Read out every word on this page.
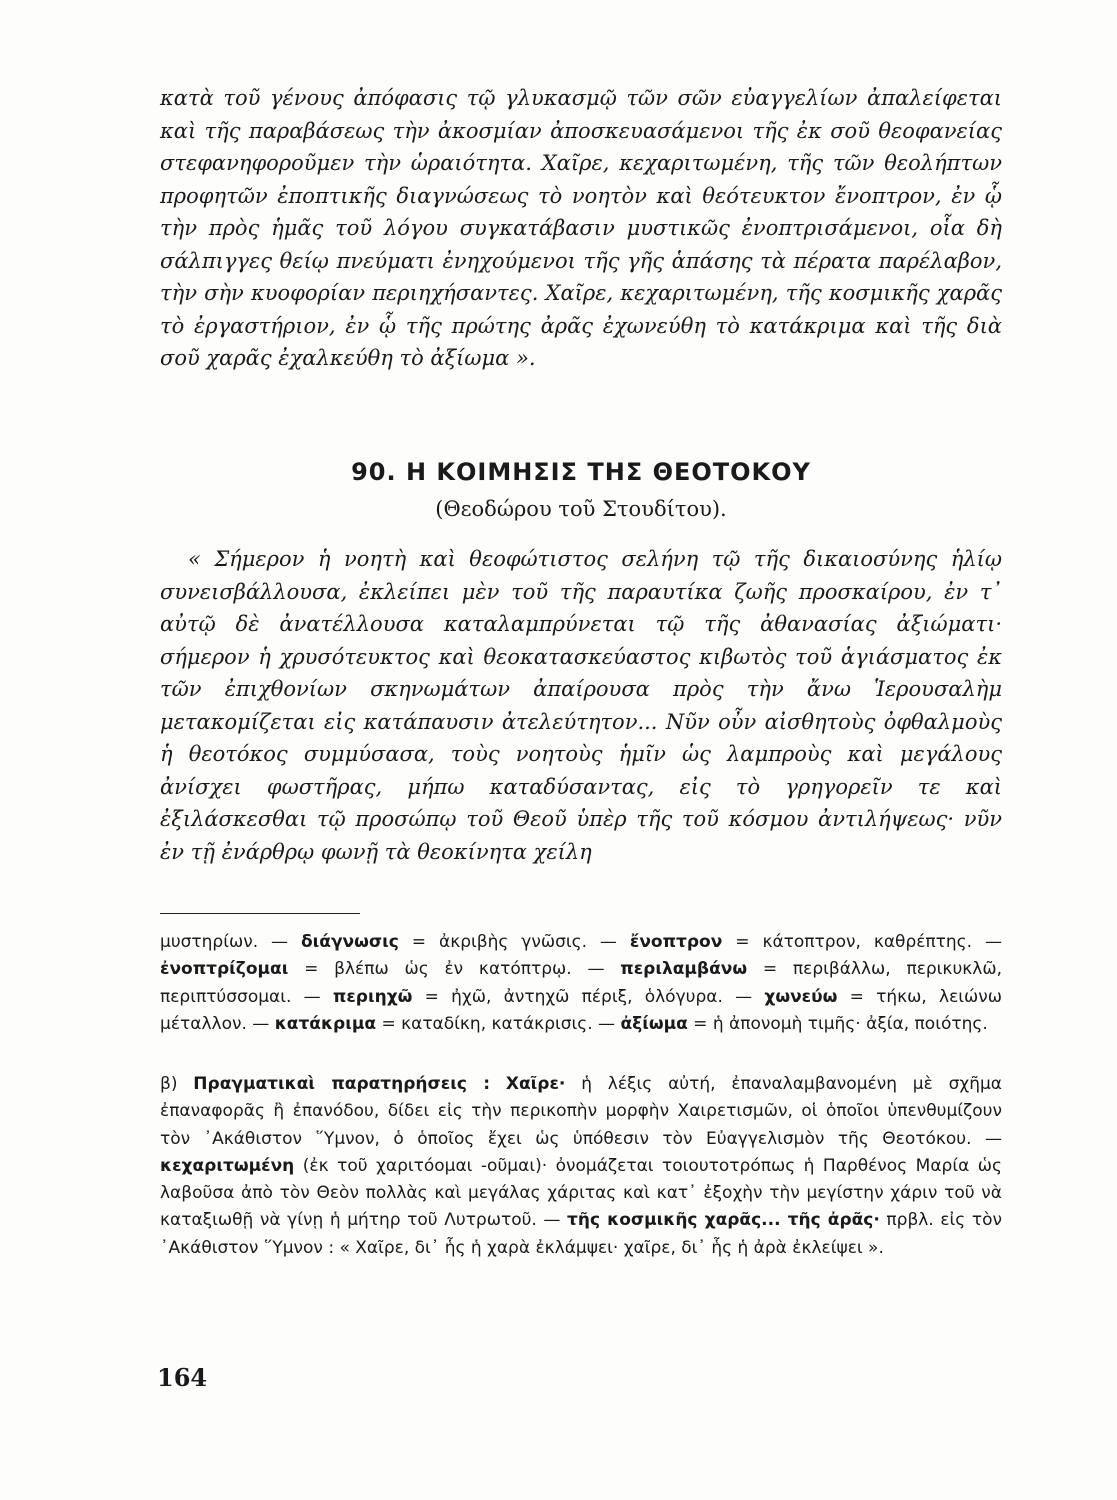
κατὰ τοῦ γένους ἀπόφασις τῷ γλυκασμῷ τῶν σῶν εὐαγγελίων ἀπαλείφεται καὶ τῆς παραβάσεως τὴν ἀκοσμίαν ἀποσκευασάμενοι τῆς ἐκ σοῦ θεοφανείας στεφανηφοροῦμεν τὴν ὡραιότητα. Χαῖρε, κεχαριτωμένη, τῆς τῶν θεολήπτων προφητῶν ἐποπτικῆς διαγνώσεως τὸ νοητὸν καὶ θεότευκτον ἔνοπτρον, ἐν ᾧ τὴν πρὸς ἡμᾶς τοῦ λόγου συγκατάβασιν μυστικῶς ἐνοπτρισάμενοι, οἷα δὴ σάλπιγγες θείῳ πνεύματι ἐνηχούμενοι τῆς γῆς ἁπάσης τὰ πέρατα παρέλαβον, τὴν σὴν κυοφορίαν περιηχήσαντες. Χαῖρε, κεχαριτωμένη, τῆς κοσμικῆς χαρᾶς τὸ ἐργαστήριον, ἐν ᾧ τῆς πρώτης ἀρᾶς ἐχωνεύθη τὸ κατάκριμα καὶ τῆς διὰ σοῦ χαρᾶς ἐχαλκεύθη τὸ ἀξίωμα ».
90. Η ΚΟΙΜΗΣΙΣ ΤΗΣ ΘΕΟΤΟΚΟΥ
(Θεοδώρου τοῦ Στουδίτου).
« Σήμερον ἡ νοητὴ καὶ θεοφώτιστος σελήνη τῷ τῆς δικαιοσύνης ἡλίῳ συνεισβάλλουσα, ἐκλείπει μὲν τοῦ τῆς παραυτίκα ζωῆς προσκαίρου, ἐν τ᾿ αὐτῷ δὲ ἀνατέλλουσα καταλαμπρύνεται τῷ τῆς ἀθανασίας ἀξιώματι· σήμερον ἡ χρυσότευκτος καὶ θεοκατασκεύαστος κιβωτὸς τοῦ ἁγιάσματος ἐκ τῶν ἐπιχθονίων σκηνωμάτων ἀπαίρουσα πρὸς τὴν ἄνω Ἱερουσαλὴμ μετακομίζεται εἰς κατάπαυσιν ἀτελεύτητον... Νῦν οὖν αἰσθητοὺς ὀφθαλμοὺς ἡ θεοτόκος συμμύσασα, τοὺς νοητοὺς ἡμῖν ὡς λαμπροὺς καὶ μεγάλους ἀνίσχει φωστῆρας, μήπω καταδύσαντας, εἰς τὸ γρηγορεῖν τε καὶ ἐξιλάσκεσθαι τῷ προσώπῳ τοῦ Θεοῦ ὑπὲρ τῆς τοῦ κόσμου ἀντιλήψεως· νῦν ἐν τῇ ἐνάρθρῳ φωνῇ τὰ θεοκίνητα χείλη
μυστηρίων. — διάγνωσις = ἀκριβὴς γνῶσις. — ἔνοπτρον = κάτοπτρον, καθρέπτης. — ἐνοπτρίζομαι = βλέπω ὡς ἐν κατόπτρῳ. — περιλαμβάνω = περιβάλλω, περικυκλῶ, περιπτύσσομαι. — περιηχῶ = ἠχῶ, ἀντηχῶ πέριξ, ὁλόγυρα. — χωνεύω = τήκω, λειώνω μέταλλον. — κατάκριμα = καταδίκη, κατάκρισις. — ἀξίωμα = ἡ ἀπονομὴ τιμῆς· ἀξία, ποιότης.
β) Πραγματικαὶ παρατηρήσεις : Χαῖρε· ἡ λέξις αὐτή, ἐπαναλαμβανομένη μὲ σχῆμα ἐπαναφορᾶς ἢ ἐπανόδου, δίδει εἰς τὴν περικοπὴν μορφὴν Χαιρετισμῶν, οἱ ὁποῖοι ὑπενθυμίζουν τὸν ᾿Ακάθιστον ῞Υμνον, ὁ ὁποῖος ἔχει ὡς ὑπόθεσιν τὸν Εὐαγγελισμὸν τῆς Θεοτόκου. — κεχαριτωμένη (ἐκ τοῦ χαριτόομαι -οῦμαι)· ὀνομάζεται τοιουτοτρόπως ἡ Παρθένος Μαρία ὡς λαβοῦσα ἀπὸ τὸν Θεὸν πολλὰς καὶ μεγάλας χάριτας καὶ κατ᾿ ἐξοχὴν τὴν μεγίστην χάριν τοῦ νὰ καταξιωθῇ νὰ γίνῃ ἡ μήτηρ τοῦ Λυτρωτοῦ. — τῆς κοσμικῆς χαρᾶς... τῆς ἀρᾶς· πρβλ. εἰς τὸν ᾿Ακάθιστον ῞Υμνον : « Χαῖρε, δι᾿ ἧς ἡ χαρὰ ἐκλάμψει· χαῖρε, δι᾿ ἧς ἡ ἀρὰ ἐκλείψει ».
164
